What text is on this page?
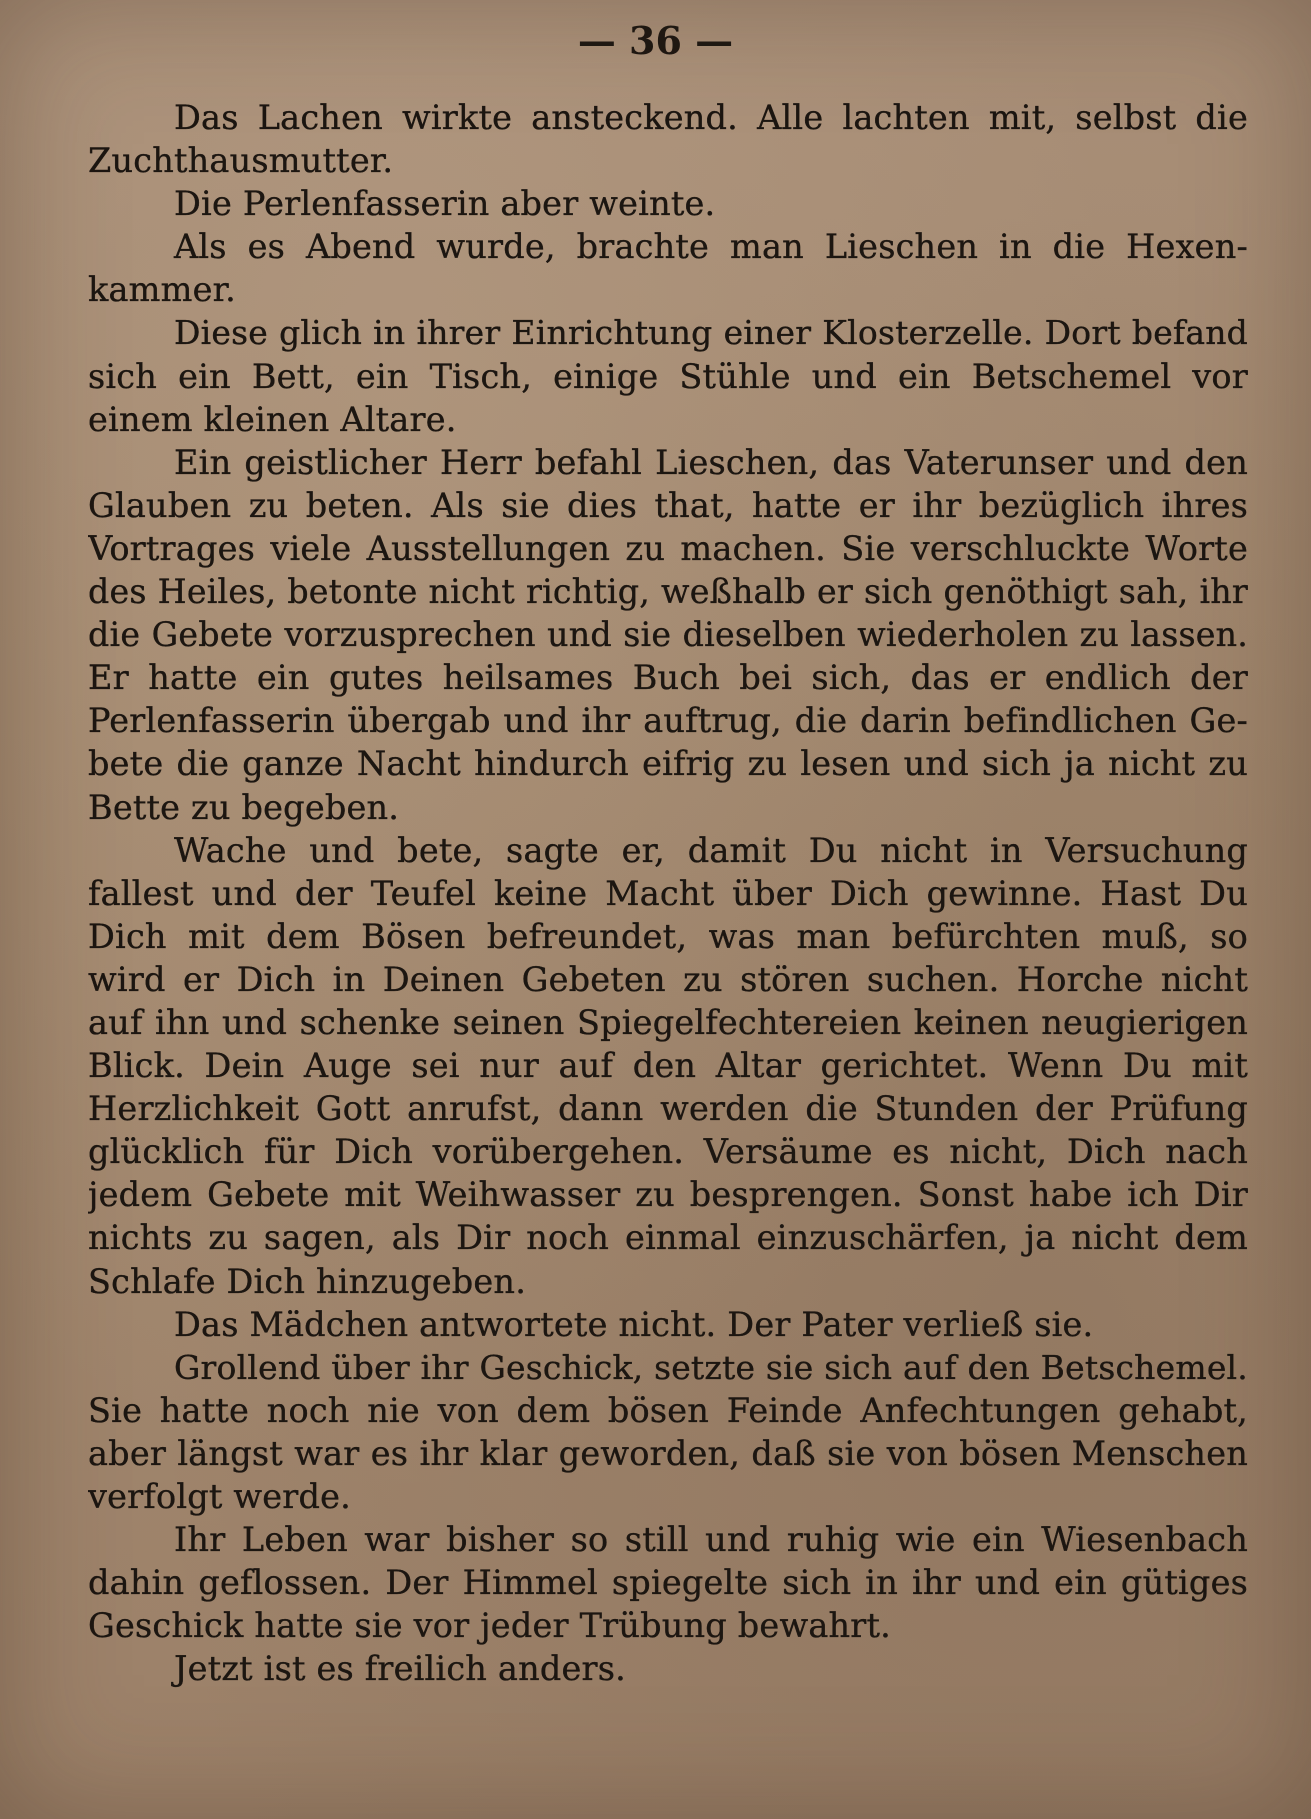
— 36 —
Das Lachen wirkte ansteckend. Alle lachten mit, selbst die
Zuchthausmutter.
Die Perlenfasserin aber weinte.
Als es Abend wurde, brachte man Lieschen in die Hexen-
kammer.
Diese glich in ihrer Einrichtung einer Klosterzelle. Dort befand
sich ein Bett, ein Tisch, einige Stühle und ein Betschemel vor
einem kleinen Altare.
Ein geistlicher Herr befahl Lieschen, das Vaterunser und den
Glauben zu beten. Als sie dies that, hatte er ihr bezüglich ihres
Vortrages viele Ausstellungen zu machen. Sie verschluckte Worte
des Heiles, betonte nicht richtig, weßhalb er sich genöthigt sah, ihr
die Gebete vorzusprechen und sie dieselben wiederholen zu lassen.
Er hatte ein gutes heilsames Buch bei sich, das er endlich der
Perlenfasserin übergab und ihr auftrug, die darin befindlichen Ge-
bete die ganze Nacht hindurch eifrig zu lesen und sich ja nicht zu
Bette zu begeben.
Wache und bete, sagte er, damit Du nicht in Versuchung
fallest und der Teufel keine Macht über Dich gewinne. Hast Du
Dich mit dem Bösen befreundet, was man befürchten muß, so
wird er Dich in Deinen Gebeten zu stören suchen. Horche nicht
auf ihn und schenke seinen Spiegelfechtereien keinen neugierigen
Blick. Dein Auge sei nur auf den Altar gerichtet. Wenn Du mit
Herzlichkeit Gott anrufst, dann werden die Stunden der Prüfung
glücklich für Dich vorübergehen. Versäume es nicht, Dich nach
jedem Gebete mit Weihwasser zu besprengen. Sonst habe ich Dir
nichts zu sagen, als Dir noch einmal einzuschärfen, ja nicht dem
Schlafe Dich hinzugeben.
Das Mädchen antwortete nicht. Der Pater verließ sie.
Grollend über ihr Geschick, setzte sie sich auf den Betschemel.
Sie hatte noch nie von dem bösen Feinde Anfechtungen gehabt,
aber längst war es ihr klar geworden, daß sie von bösen Menschen
verfolgt werde.
Ihr Leben war bisher so still und ruhig wie ein Wiesenbach
dahin geflossen. Der Himmel spiegelte sich in ihr und ein gütiges
Geschick hatte sie vor jeder Trübung bewahrt.
Jetzt ist es freilich anders.
